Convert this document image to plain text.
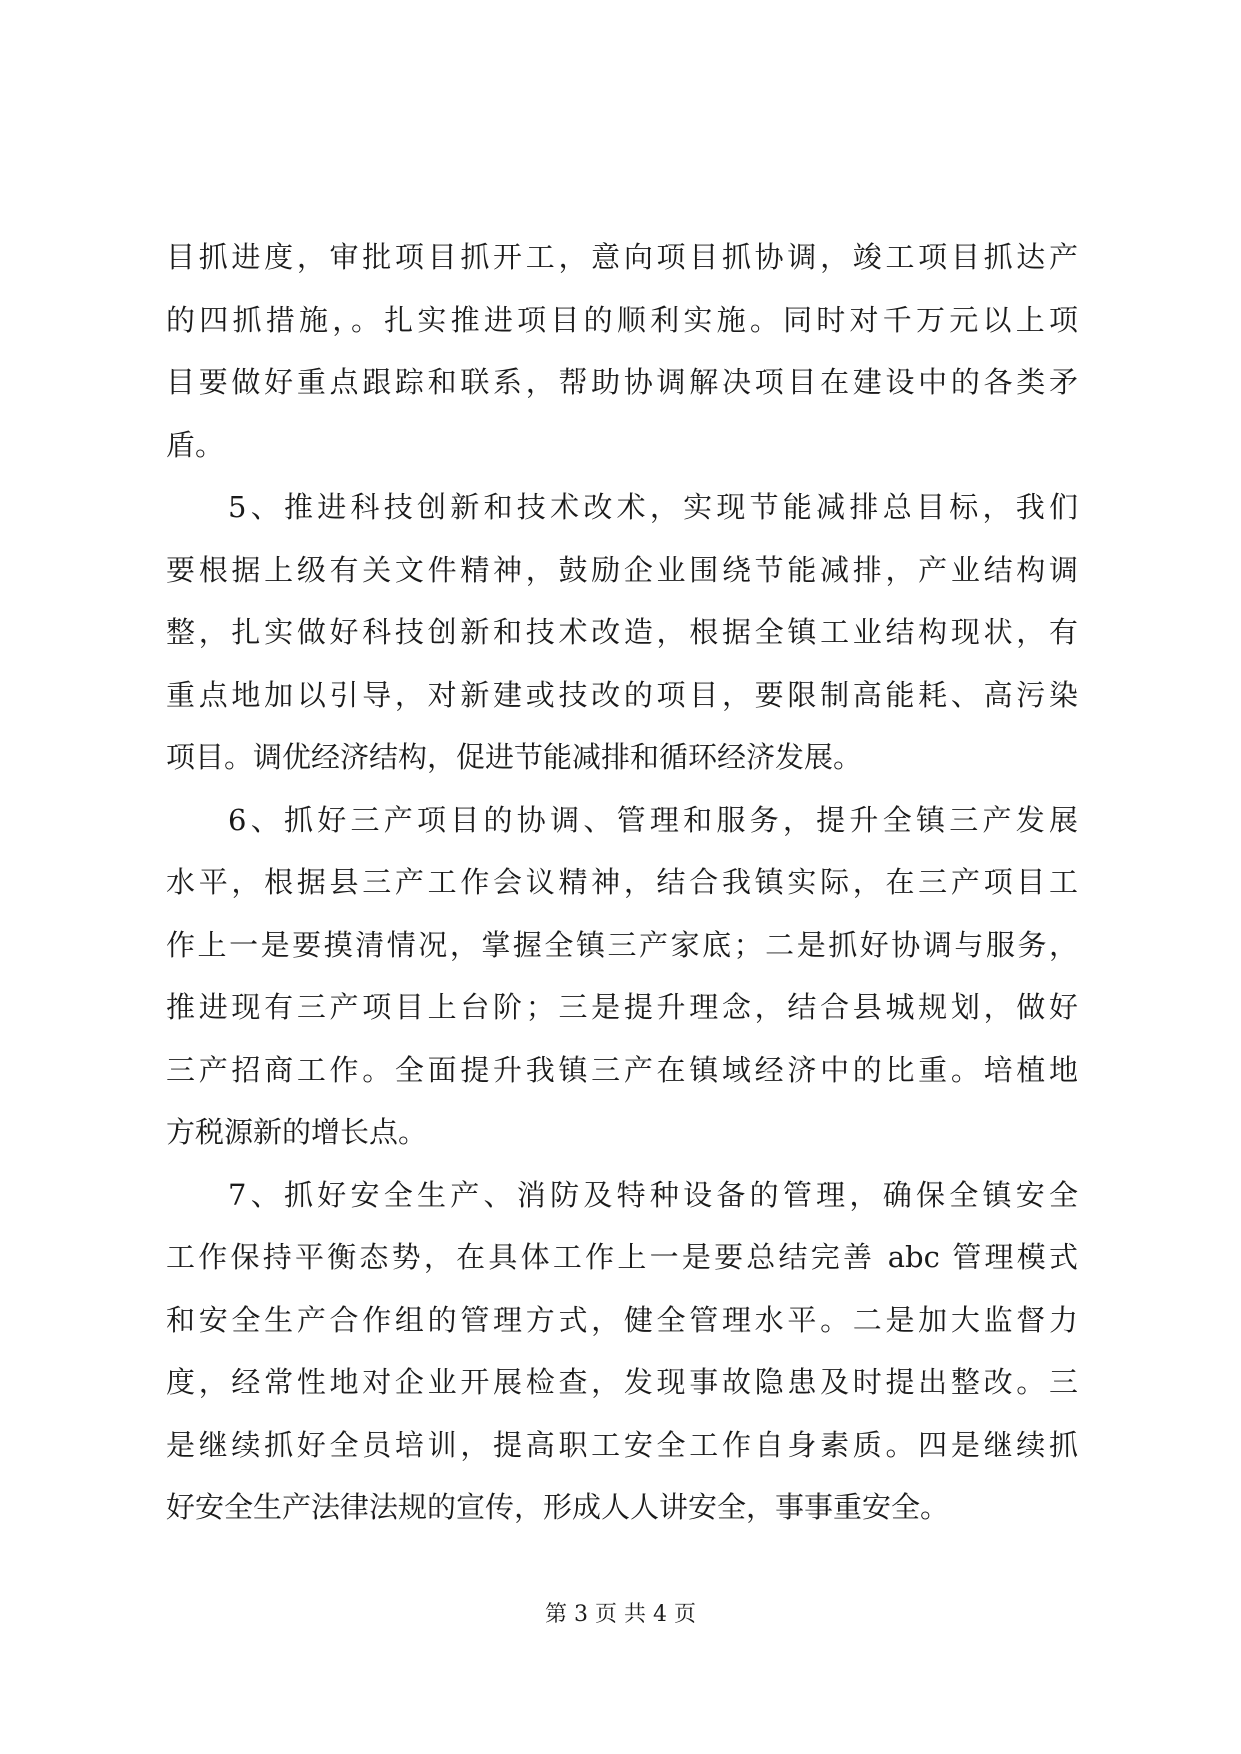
目抓进度，审批项目抓开工，意向项目抓协调，竣工项目抓达产
的四抓措施，。扎实推进项目的顺利实施。同时对千万元以上项
目要做好重点跟踪和联系，帮助协调解决项目在建设中的各类矛
盾。
5、推进科技创新和技术改术，实现节能减排总目标，我们
要根据上级有关文件精神，鼓励企业围绕节能减排，产业结构调
整，扎实做好科技创新和技术改造，根据全镇工业结构现状，有
重点地加以引导，对新建或技改的项目，要限制高能耗、高污染
项目。调优经济结构，促进节能减排和循环经济发展。
6、抓好三产项目的协调、管理和服务，提升全镇三产发展
水平，根据县三产工作会议精神，结合我镇实际，在三产项目工
作上一是要摸清情况，掌握全镇三产家底；二是抓好协调与服务，
推进现有三产项目上台阶；三是提升理念，结合县城规划，做好
三产招商工作。全面提升我镇三产在镇域经济中的比重。培植地
方税源新的增长点。
7、抓好安全生产、消防及特种设备的管理，确保全镇安全
工作保持平衡态势，在具体工作上一是要总结完善 abc 管理模式
和安全生产合作组的管理方式，健全管理水平。二是加大监督力
度，经常性地对企业开展检查，发现事故隐患及时提出整改。三
是继续抓好全员培训，提高职工安全工作自身素质。四是继续抓
好安全生产法律法规的宣传，形成人人讲安全，事事重安全。
第 3 页 共 4 页
